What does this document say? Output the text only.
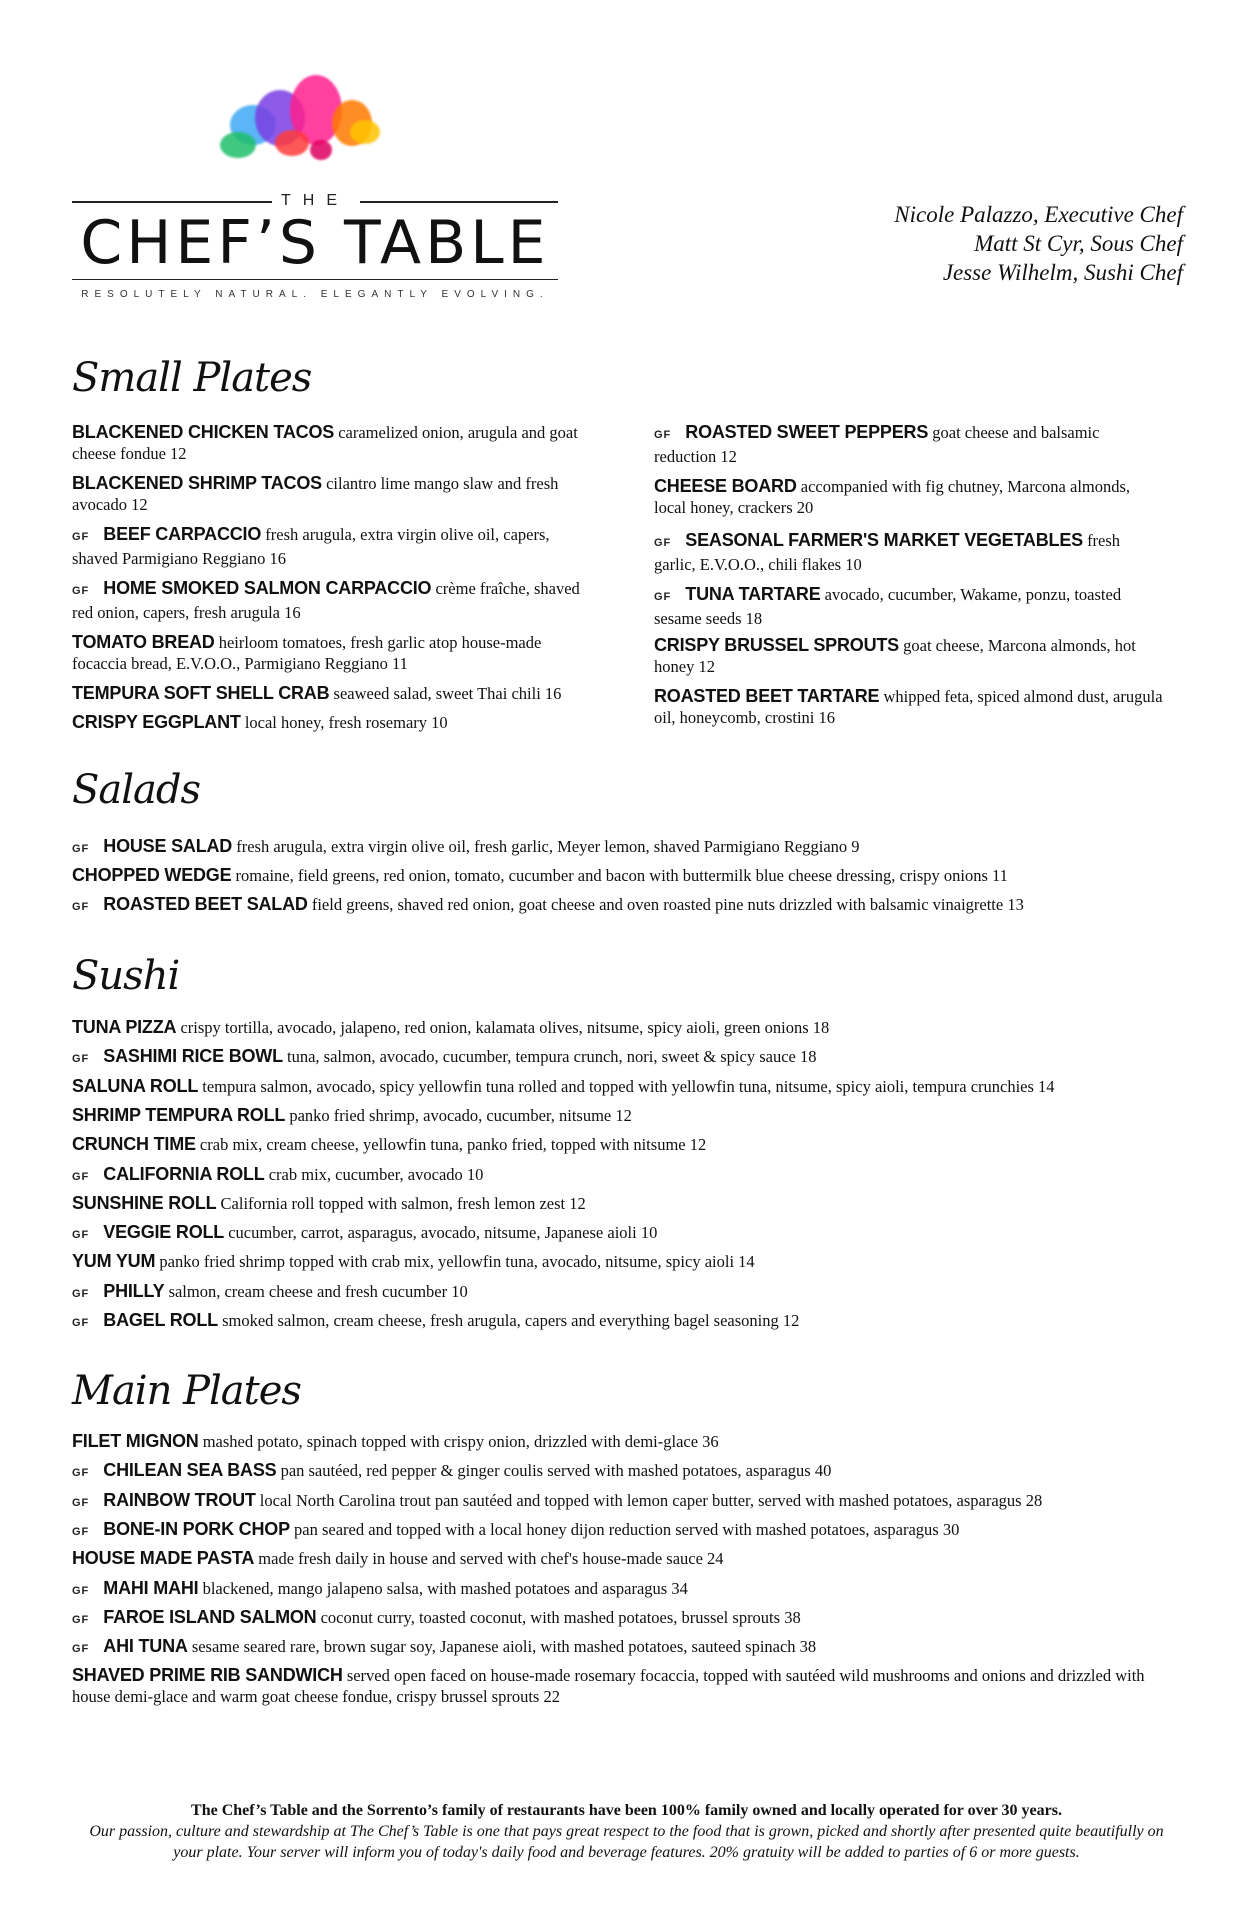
THE
CHEF’S TABLE
RESOLUTELY NATURAL. ELEGANTLY EVOLVING.
Nicole Palazzo, Executive Chef
Matt St Cyr, Sous Chef
Jesse Wilhelm, Sushi Chef
Small Plates
Salads
Sushi
Main Plates
BLACKENED CHICKEN TACOS caramelized onion, arugula and goat cheese fondue 12
BLACKENED SHRIMP TACOS cilantro lime mango slaw and fresh avocado 12
GF BEEF CARPACCIO fresh arugula, extra virgin olive oil, capers, shaved Parmigiano Reggiano 16
GF HOME SMOKED SALMON CARPACCIO crème fraîche, shaved red onion, capers, fresh arugula 16
TOMATO BREAD heirloom tomatoes, fresh garlic atop house-made focaccia bread, E.V.O.O., Parmigiano Reggiano 11
TEMPURA SOFT SHELL CRAB seaweed salad, sweet Thai chili 16
CRISPY EGGPLANT local honey, fresh rosemary 10
GF ROASTED SWEET PEPPERS goat cheese and balsamic reduction 12
CHEESE BOARD accompanied with fig chutney, Marcona almonds, local honey, crackers 20
GF SEASONAL FARMER'S MARKET VEGETABLES fresh garlic, E.V.O.O., chili flakes 10
GF TUNA TARTARE avocado, cucumber, Wakame, ponzu, toasted sesame seeds 18
CRISPY BRUSSEL SPROUTS goat cheese, Marcona almonds, hot honey 12
ROASTED BEET TARTARE whipped feta, spiced almond dust, arugula oil, honeycomb, crostini 16
GF HOUSE SALAD fresh arugula, extra virgin olive oil, fresh garlic, Meyer lemon, shaved Parmigiano Reggiano 9
CHOPPED WEDGE romaine, field greens, red onion, tomato, cucumber and bacon with buttermilk blue cheese dressing, crispy onions 11
GF ROASTED BEET SALAD field greens, shaved red onion, goat cheese and oven roasted pine nuts drizzled with balsamic vinaigrette 13
TUNA PIZZA crispy tortilla, avocado, jalapeno, red onion, kalamata olives, nitsume, spicy aioli, green onions 18
GF SASHIMI RICE BOWL tuna, salmon, avocado, cucumber, tempura crunch, nori, sweet & spicy sauce 18
SALUNA ROLL tempura salmon, avocado, spicy yellowfin tuna rolled and topped with yellowfin tuna, nitsume, spicy aioli, tempura crunchies 14
SHRIMP TEMPURA ROLL panko fried shrimp, avocado, cucumber, nitsume 12
CRUNCH TIME crab mix, cream cheese, yellowfin tuna, panko fried, topped with nitsume 12
GF CALIFORNIA ROLL crab mix, cucumber, avocado 10
SUNSHINE ROLL California roll topped with salmon, fresh lemon zest 12
GF VEGGIE ROLL cucumber, carrot, asparagus, avocado, nitsume, Japanese aioli 10
YUM YUM panko fried shrimp topped with crab mix, yellowfin tuna, avocado, nitsume, spicy aioli 14
GF PHILLY salmon, cream cheese and fresh cucumber 10
GF BAGEL ROLL smoked salmon, cream cheese, fresh arugula, capers and everything bagel seasoning 12
FILET MIGNON mashed potato, spinach topped with crispy onion, drizzled with demi-glace 36
GF CHILEAN SEA BASS pan sautéed, red pepper & ginger coulis served with mashed potatoes, asparagus 40
GF RAINBOW TROUT local North Carolina trout pan sautéed and topped with lemon caper butter, served with mashed potatoes, asparagus 28
GF BONE-IN PORK CHOP pan seared and topped with a local honey dijon reduction served with mashed potatoes, asparagus 30
HOUSE MADE PASTA made fresh daily in house and served with chef's house-made sauce 24
GF MAHI MAHI blackened, mango jalapeno salsa, with mashed potatoes and asparagus 34
GF FAROE ISLAND SALMON coconut curry, toasted coconut, with mashed potatoes, brussel sprouts 38
GF AHI TUNA sesame seared rare, brown sugar soy, Japanese aioli, with mashed potatoes, sauteed spinach 38
SHAVED PRIME RIB SANDWICH served open faced on house-made rosemary focaccia, topped with sautéed wild mushrooms and onions and drizzled with house demi-glace and warm goat cheese fondue, crispy brussel sprouts 22
The Chef’s Table and the Sorrento’s family of restaurants have been 100% family owned and locally operated for over 30 years.
Our passion, culture and stewardship at The Chef’s Table is one that pays great respect to the food that is grown, picked and shortly after presented quite beautifully on your plate. Your server will inform you of today's daily food and beverage features. 20% gratuity will be added to parties of 6 or more guests.
